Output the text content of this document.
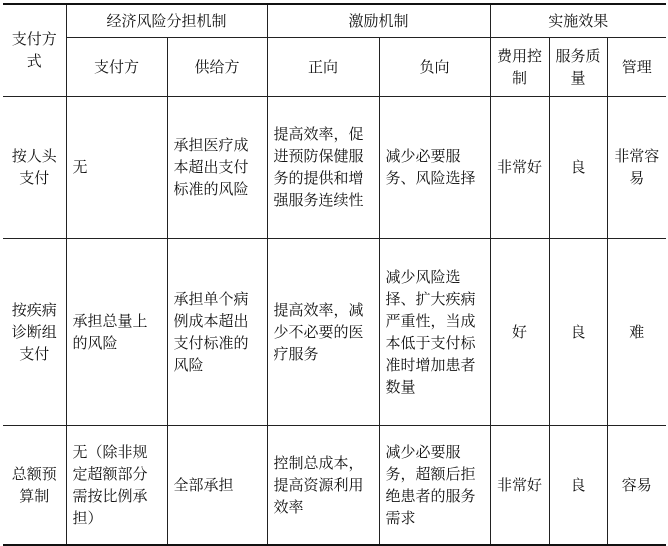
支付方式	经济风险分担机制		激励机制		实施效果		
	支付方	供给方	正向	负向	费用控制	服务质量	管理
按人头支付	无	承担医疗成本超出支付标准的风险	提高效率，促进预防保健服务的提供和增强服务连续性	减少必要服务、风险选择	非常好	良	非常容易
按疾病诊断组支付	承担总量上的风险	承担单个病例成本超出支付标准的风险	提高效率，减少不必要的医疗服务	减少风险选择、扩大疾病严重性，当成本低于支付标准时增加患者数量	好	良	难
总额预算制	无（除非规定超额部分需按比例承担）	全部承担	控制总成本，提高资源利用效率	减少必要服务，超额后拒绝患者的服务需求	非常好	良	容易
